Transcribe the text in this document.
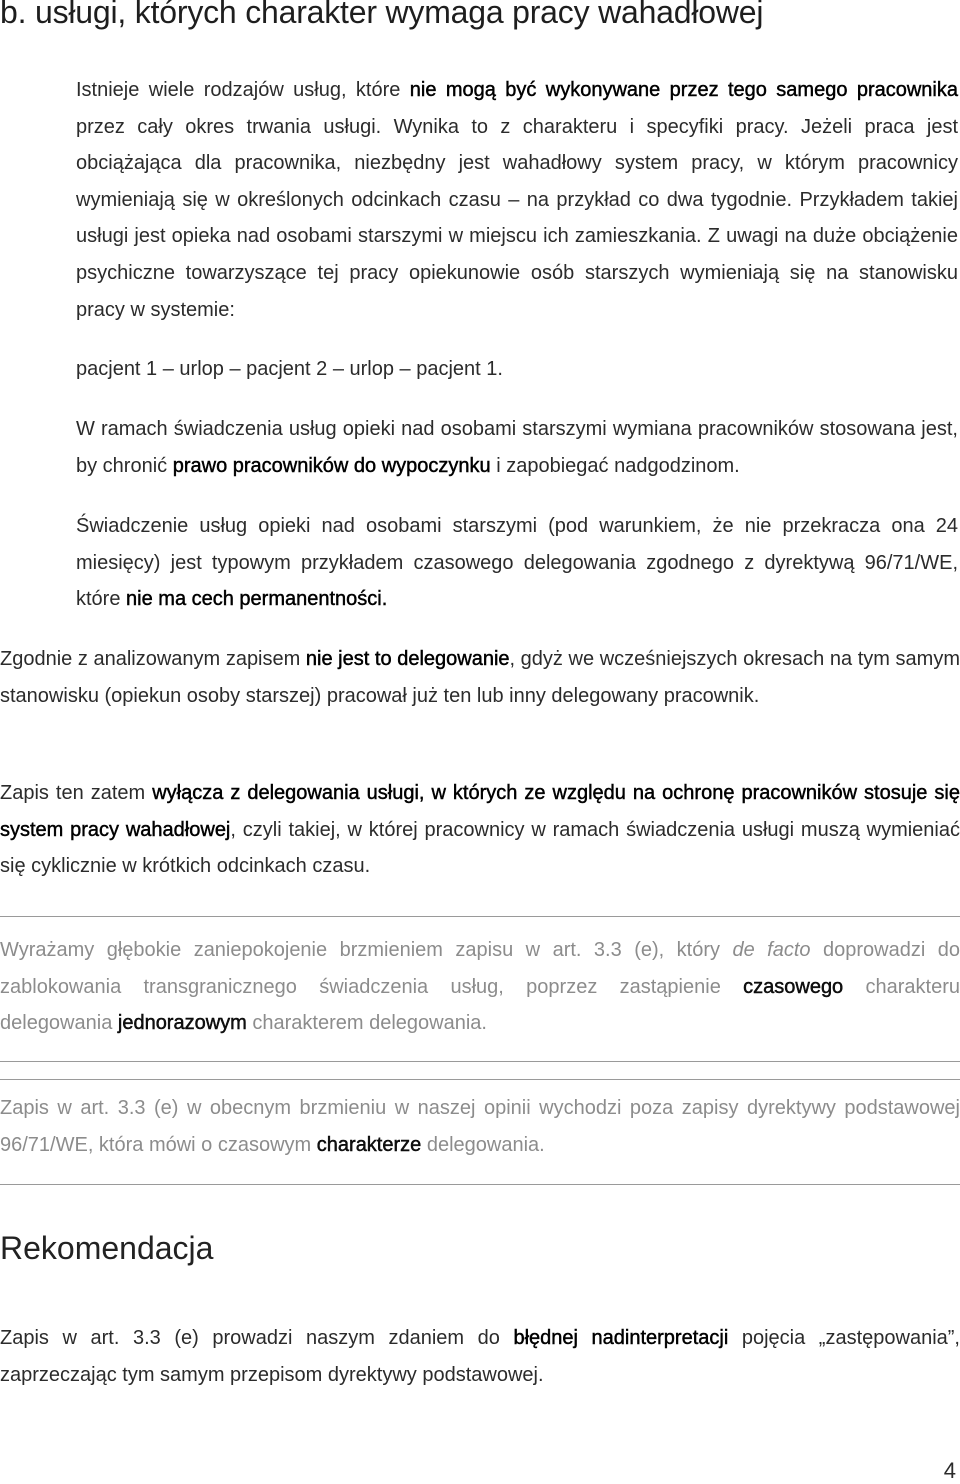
b. usługi, których charakter wymaga pracy wahadłowej

Istnieje wiele rodzajów usług, które nie mogą być wykonywane przez tego samego pracownika przez cały okres trwania usługi. Wynika to z charakteru i specyfiki pracy. Jeżeli praca jest obciążająca dla pracownika, niezbędny jest wahadłowy system pracy, w którym pracownicy wymieniają się w określonych odcinkach czasu – na przykład co dwa tygodnie. Przykładem takiej usługi jest opieka nad osobami starszymi w miejscu ich zamieszkania. Z uwagi na duże obciążenie psychiczne towarzyszące tej pracy opiekunowie osób starszych wymieniają się na stanowisku pracy w systemie:

pacjent 1 – urlop – pacjent 2 – urlop – pacjent 1.

W ramach świadczenia usług opieki nad osobami starszymi wymiana pracowników stosowana jest, by chronić prawo pracowników do wypoczynku i zapobiegać nadgodzinom.

Świadczenie usług opieki nad osobami starszymi (pod warunkiem, że nie przekracza ona 24 miesięcy) jest typowym przykładem czasowego delegowania zgodnego z dyrektywą 96/71/WE, które nie ma cech permanentności.

Zgodnie z analizowanym zapisem nie jest to delegowanie, gdyż we wcześniejszych okresach na tym samym stanowisku (opiekun osoby starszej) pracował już ten lub inny delegowany pracownik.

Zapis ten zatem wyłącza z delegowania usługi, w których ze względu na ochronę pracowników stosuje się system pracy wahadłowej, czyli takiej, w której pracownicy w ramach świadczenia usługi muszą wymieniać się cyklicznie w krótkich odcinkach czasu.

Wyrażamy głębokie zaniepokojenie brzmieniem zapisu w art. 3.3 (e), który de facto doprowadzi do zablokowania transgranicznego świadczenia usług, poprzez zastąpienie czasowego charakteru delegowania jednorazowym charakterem delegowania.

Zapis w art. 3.3 (e) w obecnym brzmieniu w naszej opinii wychodzi poza zapisy dyrektywy podstawowej 96/71/WE, która mówi o czasowym charakterze delegowania.

Rekomendacja

Zapis w art. 3.3 (e) prowadzi naszym zdaniem do błędnej nadinterpretacji pojęcia „zastępowania”, zaprzeczając tym samym przepisom dyrektywy podstawowej.

4
